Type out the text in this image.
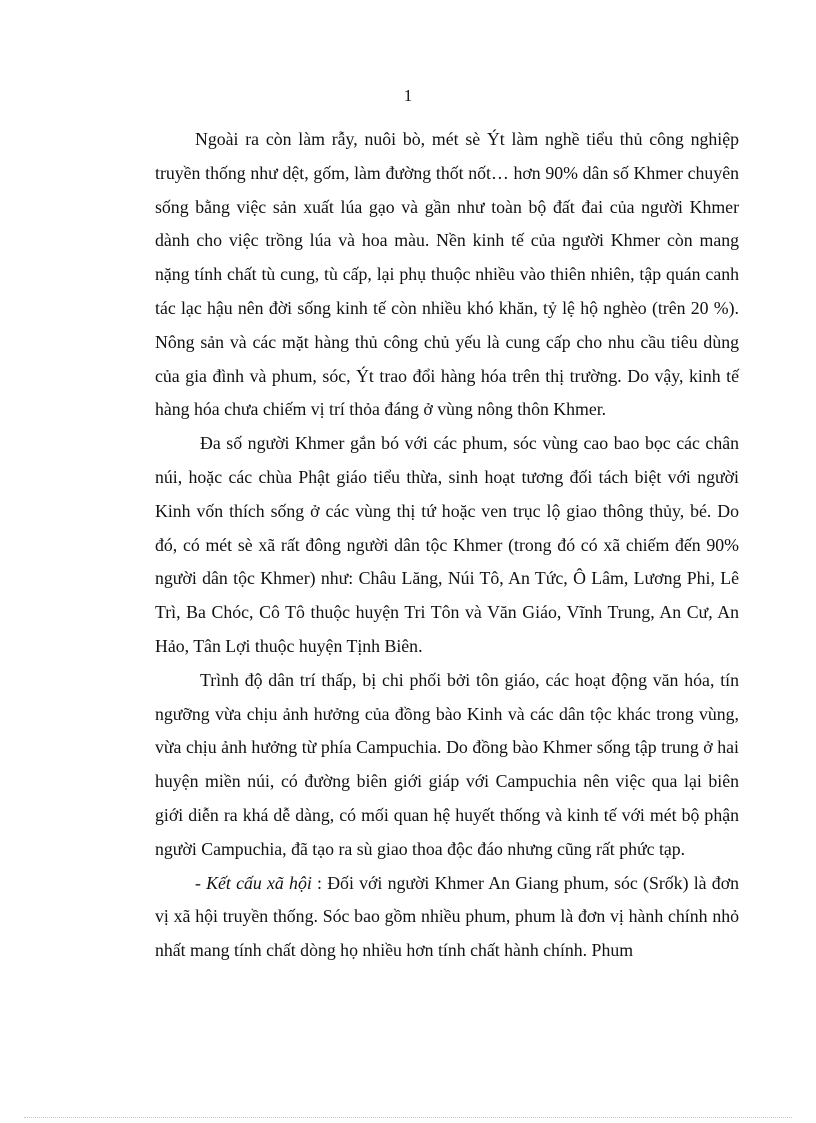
1

Ngoài ra còn làm rẫy, nuôi bò, mét sè Ýt làm nghề tiểu thủ công nghiệp truyền thống như dệt, gốm, làm đường thốt nốt… hơn 90% dân số Khmer chuyên sống bằng việc sản xuất lúa gạo và gần như toàn bộ đất đai của người Khmer dành cho việc trồng lúa và hoa màu. Nền kinh tế của người Khmer còn mang nặng tính chất tù cung, tù cấp, lại phụ thuộc nhiều vào thiên nhiên, tập quán canh tác lạc hậu nên đời sống kinh tế còn nhiều khó khăn, tỷ lệ hộ nghèo (trên 20 %). Nông sản và các mặt hàng thủ công chủ yếu là cung cấp cho nhu cầu tiêu dùng của gia đình và phum, sóc, Ýt trao đổi hàng hóa trên thị trường. Do vậy, kinh tế hàng hóa chưa chiếm vị trí thỏa đáng ở vùng nông thôn Khmer.

Đa số người Khmer gắn bó với các phum, sóc vùng cao bao bọc các chân núi, hoặc các chùa Phật giáo tiểu thừa, sinh hoạt tương đối tách biệt với người Kinh vốn thích sống ở các vùng thị tứ hoặc ven trục lộ giao thông thủy, bé. Do đó, có mét sè xã rất đông người dân tộc Khmer (trong đó có xã chiếm đến 90% người dân tộc Khmer) như: Châu Lăng, Núi Tô, An Tức, Ô Lâm, Lương Phi, Lê Trì, Ba Chóc, Cô Tô thuộc huyện Tri Tôn và Văn Giáo, Vĩnh Trung, An Cư, An Hảo, Tân Lợi thuộc huyện Tịnh Biên.

Trình độ dân trí thấp, bị chi phối bởi tôn giáo, các hoạt động văn hóa, tín ngưỡng vừa chịu ảnh hưởng của đồng bào Kinh và các dân tộc khác trong vùng, vừa chịu ảnh hưởng từ phía Campuchia. Do đồng bào Khmer sống tập trung ở hai huyện miền núi, có đường biên giới giáp với Campuchia nên việc qua lại biên giới diễn ra khá dễ dàng, có mối quan hệ huyết thống và kinh tế với mét bộ phận người Campuchia, đã tạo ra sù giao thoa độc đáo nhưng cũng rất phức tạp.

- Kết cấu xã hội : Đối với người Khmer An Giang phum, sóc (Srốk) là đơn vị xã hội truyền thống. Sóc bao gồm nhiều phum, phum là đơn vị hành chính nhỏ nhất mang tính chất dòng họ nhiều hơn tính chất hành chính. Phum
